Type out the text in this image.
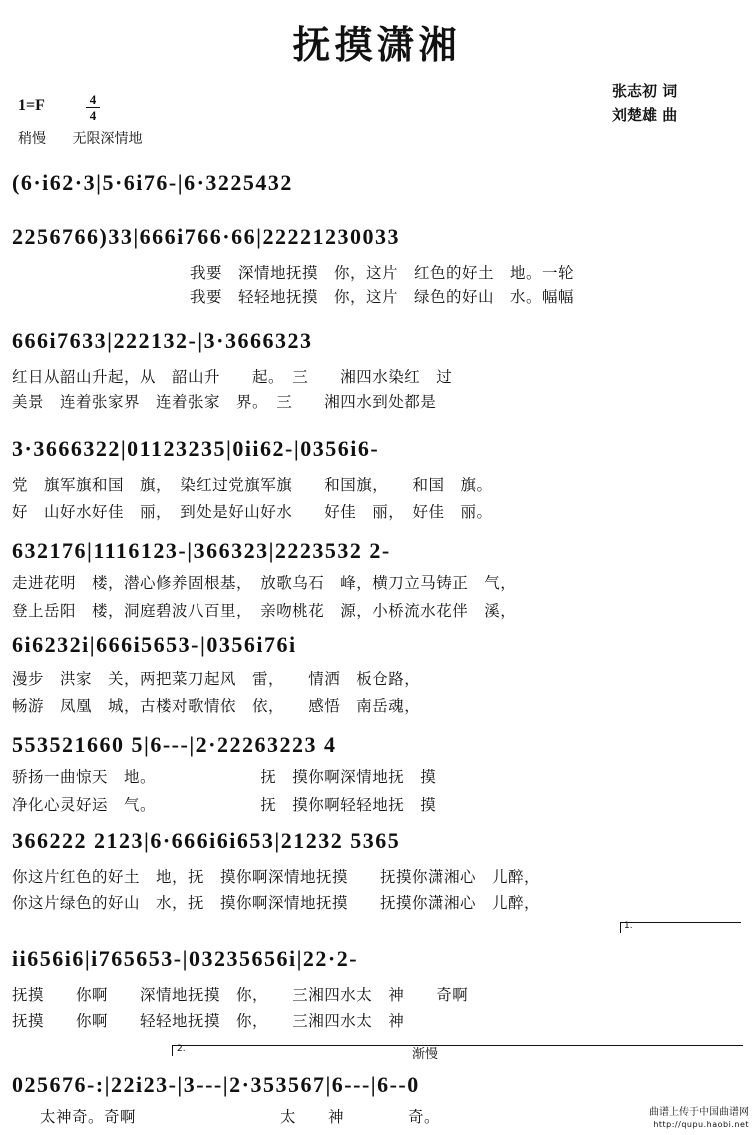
抚摸潇湘
张志初 词
刘楚雄 曲
1=F	4
4
稍慢 无限深情地
(6·i62·3|5·6i76-|6·3225432
2256766)33|666i766·66|22221230033
我要　深情地抚摸　你，这片　红色的好土　地。一轮
我要　轻轻地抚摸　你，这片　绿色的好山　水。幅幅
666i7633|222132-|3·3666323
红日从韶山升起，从　韶山升　　起。　三　　湘四水染红　过
美景　连着张家界　连着张家　界。　三　　湘四水到处都是
3·3666322|01123235|0ii62-|0356i6-
党　旗军旗和国　旗，　染红过党旗军旗　　和国旗，　　和国　旗。
好　山好水好佳　丽，　到处是好山好水　　好佳　丽，　好佳　丽。
632176|1116123-|366323|2223532 2-
走进花明　楼，潜心修养固根基，　放歌乌石　峰，横刀立马铸正　气，
登上岳阳　楼，洞庭碧波八百里，　亲吻桃花　源，小桥流水花伴　溪，
6i6232i|666i5653-|0356i76i
漫步　洪家　关，两把菜刀起风　雷，　　情洒　板仓路，
畅游　凤凰　城，古楼对歌情依　依，　　感悟　南岳魂，
553521660 5|6---|2·22263223 4
骄扬一曲惊天　地。　　　　　　　抚　摸你啊深情地抚　摸
净化心灵好运　气。　　　　　　　抚　摸你啊轻轻地抚　摸
366222 2123|6·666i6i653|21232 5365
你这片红色的好土　地，抚　摸你啊深情地抚摸　　抚摸你潇湘心　儿醉，
你这片绿色的好山　水，抚　摸你啊深情地抚摸　　抚摸你潇湘心　儿醉，
1.
ii656i6|i765653-|03235656i|22·2-
抚摸　　你啊　　深情地抚摸　你，　　三湘四水太　神　　奇啊
抚摸　　你啊　　轻轻地抚摸　你，　　三湘四水太　神
2.	渐慢
025676-:|22i23-|3---|2·353567|6---|6--0
太神奇。奇啊　　　　　　　　　太　　神　　　　奇。	曲谱上传于中国曲谱网
http://qupu.haobi.net
